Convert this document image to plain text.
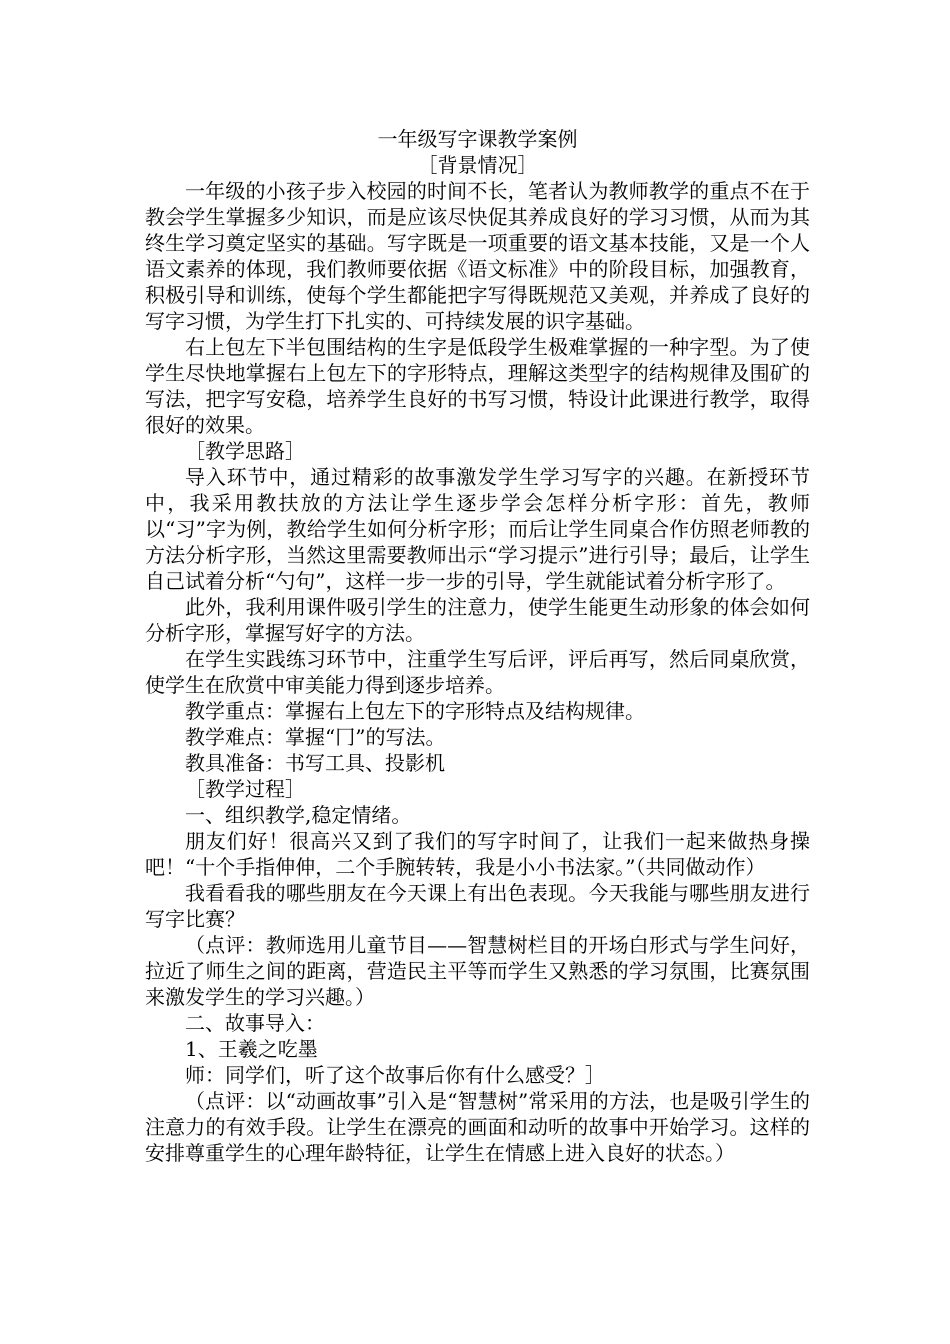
一年级写字课教学案例

［背景情况］

一年级的小孩子步入校园的时间不长，笔者认为教师教学的重点不在于教会学生掌握多少知识，而是应该尽快促其养成良好的学习习惯，从而为其终生学习奠定坚实的基础。写字既是一项重要的语文基本技能，又是一个人语文素养的体现，我们教师要依据《语文标准》中的阶段目标，加强教育，积极引导和训练，使每个学生都能把字写得既规范又美观，并养成了良好的写字习惯，为学生打下扎实的、可持续发展的识字基础。

右上包左下半包围结构的生字是低段学生极难掌握的一种字型。为了使学生尽快地掌握右上包左下的字形特点，理解这类型字的结构规律及围矿的写法，把字写安稳，培养学生良好的书写习惯，特设计此课进行教学，取得很好的效果。

［教学思路］

导入环节中，通过精彩的故事激发学生学习写字的兴趣。在新授环节中，我采用教扶放的方法让学生逐步学会怎样分析字形：首先，教师以“习”字为例，教给学生如何分析字形；而后让学生同桌合作仿照老师教的方法分析字形，当然这里需要教师出示“学习提示”进行引导；最后，让学生自己试着分析“勺句”，这样一步一步的引导，学生就能试着分析字形了。

此外，我利用课件吸引学生的注意力，使学生能更生动形象的体会如何分析字形，掌握写好字的方法。

在学生实践练习环节中，注重学生写后评，评后再写，然后同桌欣赏，使学生在欣赏中审美能力得到逐步培养。

教学重点：掌握右上包左下的字形特点及结构规律。

教学难点：掌握“冂”的写法。

教具准备：书写工具、投影机

［教学过程］

一、组织教学,稳定情绪。

朋友们好！很高兴又到了我们的写字时间了，让我们一起来做热身操吧！“十个手指伸伸，二个手腕转转，我是小小书法家。”（共同做动作）

我看看我的哪些朋友在今天课上有出色表现。今天我能与哪些朋友进行写字比赛？

（点评：教师选用儿童节目——智慧树栏目的开场白形式与学生问好，拉近了师生之间的距离，营造民主平等而学生又熟悉的学习氛围，比赛氛围来激发学生的学习兴趣。）

二、故事导入：

1、王羲之吃墨

师：同学们，听了这个故事后你有什么感受？］

（点评：以“动画故事”引入是“智慧树”常采用的方法，也是吸引学生的注意力的有效手段。让学生在漂亮的画面和动听的故事中开始学习。这样的安排尊重学生的心理年龄特征，让学生在情感上进入良好的状态。）
